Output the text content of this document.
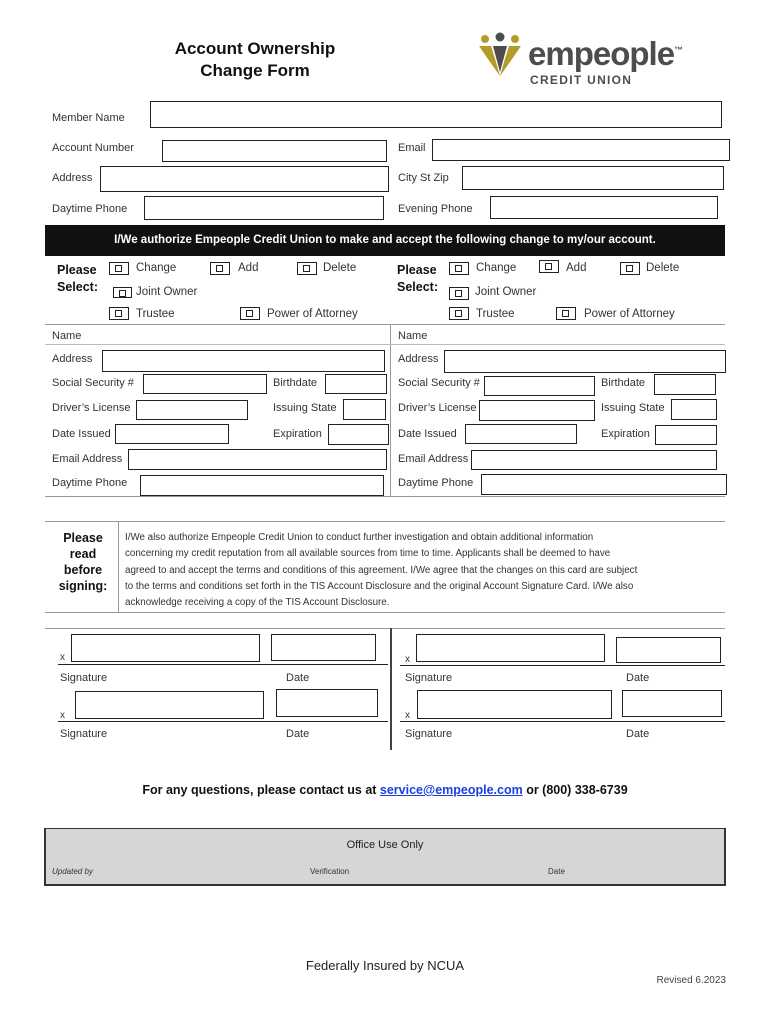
Account Ownership
Change Form	empeople™
CREDIT UNION
Member Name
Account Number	Email
Address	City St Zip
Daytime Phone	Evening Phone
I/We authorize Empeople Credit Union to make and accept the following change to my/our account.
Please
Select:
Change	Add	Delete
Joint Owner
Trustee	Power of Attorney
Please
Select:
Change	Add	Delete
Joint Owner
Trustee	Power of Attorney
Name
Address
Social Security #	Birthdate
Driver’s License	Issuing State
Date Issued	Expiration
Email Address
Daytime Phone
Name
Address
Social Security #	Birthdate
Driver’s License	Issuing State
Date Issued	Expiration
Email Address
Daytime Phone
Please
read
before
signing:
I/We also authorize Empeople Credit Union to conduct further investigation and obtain additional information
concerning my credit reputation from all available sources from time to time. Applicants shall be deemed to have
agreed to and accept the terms and conditions of this agreement. I/We agree that the changes on this card are subject
to the terms and conditions set forth in the TIS Account Disclosure and the original Account Signature Card. I/We also
acknowledge receiving a copy of the TIS Account Disclosure.
x
Signature	Date
x
Signature	Date
x
Signature	Date
x
Signature	Date
For any questions, please contact us at service@empeople.com or (800) 338-6739
Office Use Only
Updated by	Verification	Date
Federally Insured by NCUA
Revised 6.2023
